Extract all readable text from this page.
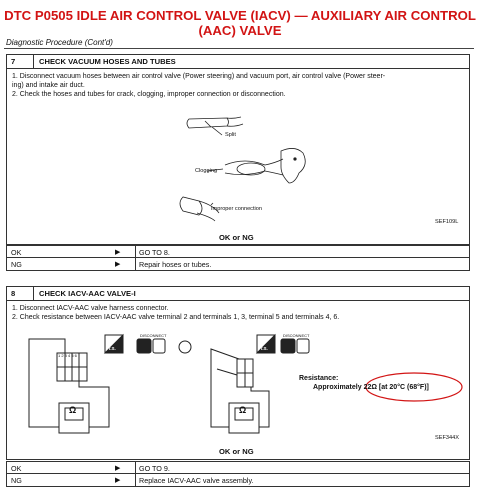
DTC P0505 IDLE AIR CONTROL VALVE (IACV) — AUXILIARY AIR CONTROL
(AAC) VALVE
Diagnostic Procedure (Cont'd)
7	CHECK VACUUM HOSES AND TUBES
1. Disconnect vacuum hoses between air control valve (Power steering) and vacuum port, air control valve (Power steer-
ing) and intake air duct.
2. Check the hoses and tubes for crack, clogging, improper connection or disconnection.
Split
Clogging
Improper connection
SEF109L
OK or NG
OK	▶	GO TO 8.
NG	▶	Repair hoses or tubes.
8	CHECK IACV-AAC VALVE-I
1. Disconnect IACV-AAC valve harness connector.
2. Check resistance between IACV-AAC valve terminal 2 and terminals 1, 3, terminal 5 and terminals 4, 6.
DISCONNECT	DISCONNECT
T.S.	T.S.
Ω	Ω
1 2 3 4 5 6
Resistance:
Approximately 22Ω [at 20°C (68°F)]
SEF344X
OK or NG
OK	▶	GO TO 9.
NG	▶	Replace IACV-AAC valve assembly.
